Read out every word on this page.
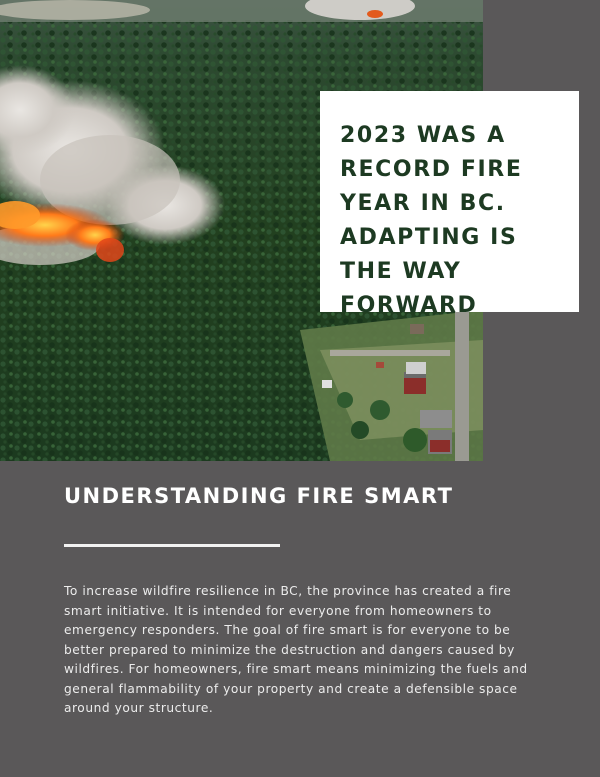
2023 WAS A RECORD FIRE YEAR IN BC. ADAPTING IS THE WAY FORWARD
UNDERSTANDING FIRE SMART

To increase wildfire resilience in BC, the province has created a fire smart initiative. It is intended for everyone from homeowners to emergency responders. The goal of fire smart is for everyone to be better prepared to minimize the destruction and dangers caused by wildfires. For homeowners, fire smart means minimizing the fuels and general flammability of your property and create a defensible space around your structure.
